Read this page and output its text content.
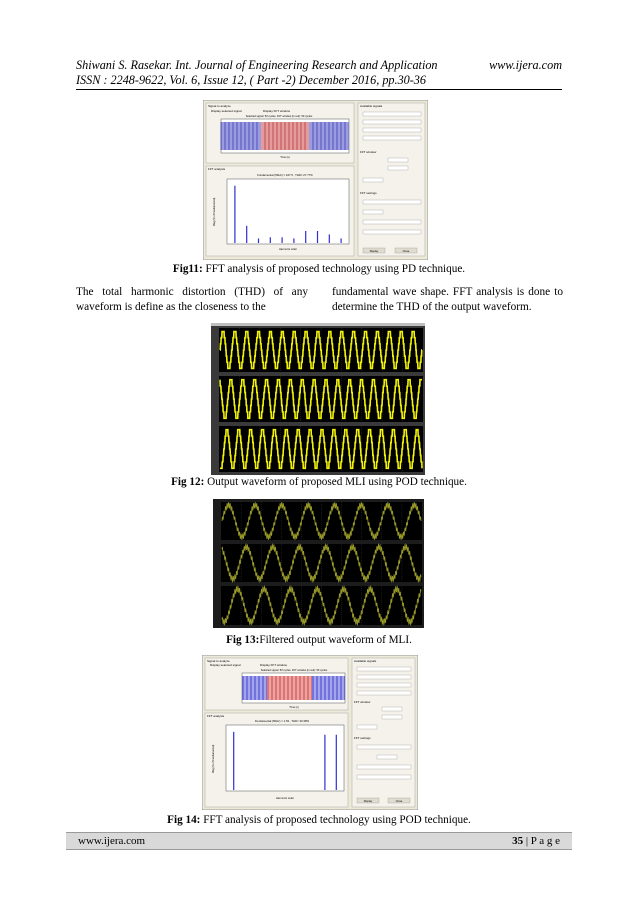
Shiwani S. Rasekar. Int. Journal of Engineering Research and Application	www.ijera.com
ISSN : 2248-9622, Vol. 6, Issue 12, ( Part -2) December 2016, pp.30-36
Signal to analyze
Display selected signal	Display FFT window
Selected signal: 50 cycles. FFT window (in red): 50 cycles
Time (s)
FFT analysis
Fundamental (50Hz) = 447.5 , THD= 27.77%
Harmonic order
Mag (% of Fundamental)
Available signals
FFT window
FFT settings
Display	Close
Fig11: FFT analysis of proposed technology using PD technique.
The total harmonic distortion (THD) of any
waveform is define as the closeness to the
fundamental wave shape. FFT analysis is done to
determine the THD of the output waveform.
Fig 12: Output waveform of proposed MLI using POD technique.
Fig 13:Filtered output waveform of MLI.
Signal to analyze
Display selected signal	Display FFT window
Selected signal: 50 cycles. FFT window (in red): 50 cycles
Time (s)
FFT analysis
Fundamental (50Hz) = 1.53 , THD= 30.38%
Harmonic order
Mag (% of Fundamental)
Available signals
FFT window
FFT settings
Display	Close
Fig 14: FFT analysis of proposed technology using POD technique.
www.ijera.com	35 | P a g e
